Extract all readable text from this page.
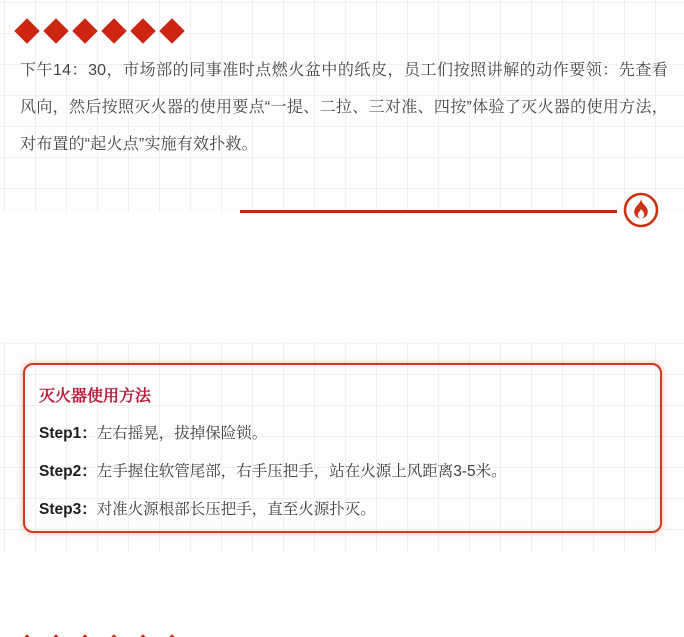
下午14：30，市场部的同事准时点燃火盆中的纸皮，员工们按照讲解的动作要领：先查看风向，然后按照灭火器的使用要点“一提、二拉、三对准、四按”体验了灭火器的使用方法，对布置的“起火点”实施有效扑救。

灭火器使用方法
Step1：左右摇晃，拔掉保险锁。
Step2：左手握住软管尾部，右手压把手，站在火源上风距离3-5米。
Step3：对准火源根部长压把手，直至火源扑灭。
